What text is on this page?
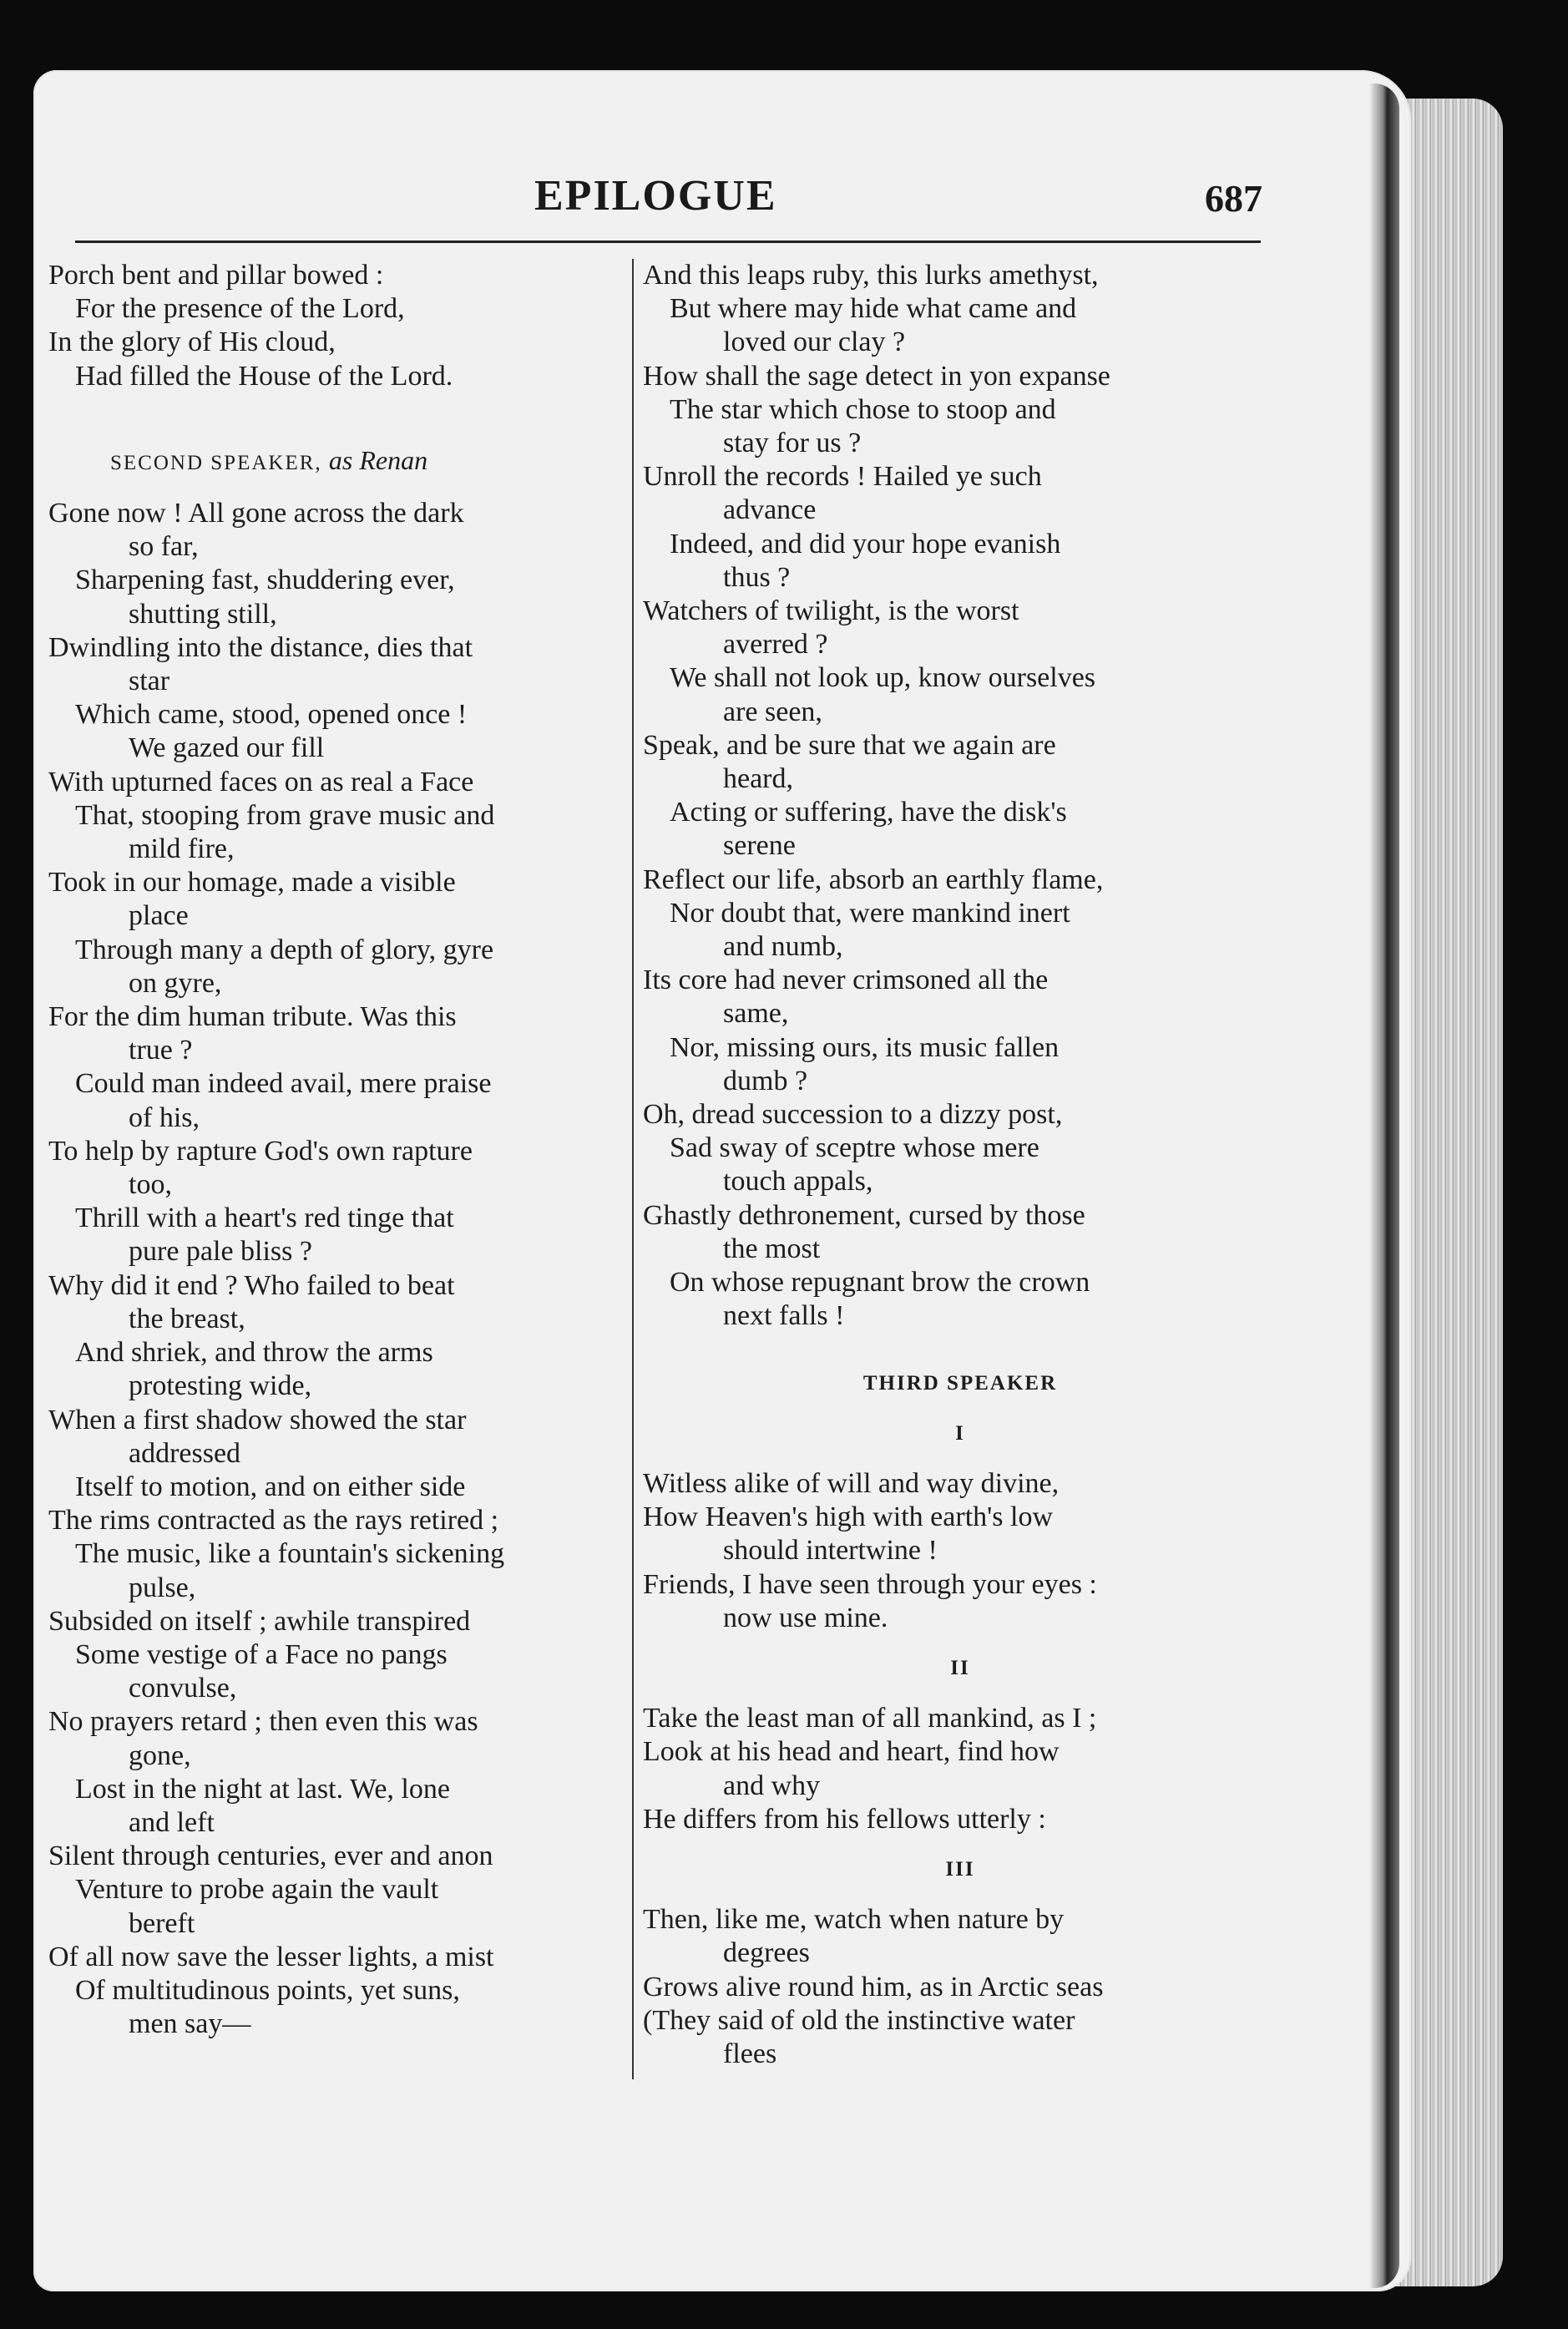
EPILOGUE	687
Porch bent and pillar bowed :
For the presence of the Lord,
In the glory of His cloud,
Had filled the House of the Lord.
SECOND SPEAKER, as Renan
Gone now ! All gone across the dark
so far,
Sharpening fast, shuddering ever,
shutting still,
Dwindling into the distance, dies that
star
Which came, stood, opened once !
We gazed our fill
With upturned faces on as real a Face
That, stooping from grave music and
mild fire,
Took in our homage, made a visible
place
Through many a depth of glory, gyre
on gyre,
For the dim human tribute. Was this
true ?
Could man indeed avail, mere praise
of his,
To help by rapture God's own rapture
too,
Thrill with a heart's red tinge that
pure pale bliss ?
Why did it end ? Who failed to beat
the breast,
And shriek, and throw the arms
protesting wide,
When a first shadow showed the star
addressed
Itself to motion, and on either side
The rims contracted as the rays retired ;
The music, like a fountain's sickening
pulse,
Subsided on itself ; awhile transpired
Some vestige of a Face no pangs
convulse,
No prayers retard ; then even this was
gone,
Lost in the night at last. We, lone
and left
Silent through centuries, ever and anon
Venture to probe again the vault
bereft
Of all now save the lesser lights, a mist
Of multitudinous points, yet suns,
men say—
And this leaps ruby, this lurks amethyst,
But where may hide what came and
loved our clay ?
How shall the sage detect in yon expanse
The star which chose to stoop and
stay for us ?
Unroll the records ! Hailed ye such
advance
Indeed, and did your hope evanish
thus ?
Watchers of twilight, is the worst
averred ?
We shall not look up, know ourselves
are seen,
Speak, and be sure that we again are
heard,
Acting or suffering, have the disk's
serene
Reflect our life, absorb an earthly flame,
Nor doubt that, were mankind inert
and numb,
Its core had never crimsoned all the
same,
Nor, missing ours, its music fallen
dumb ?
Oh, dread succession to a dizzy post,
Sad sway of sceptre whose mere
touch appals,
Ghastly dethronement, cursed by those
the most
On whose repugnant brow the crown
next falls !
THIRD SPEAKER
I
Witless alike of will and way divine,
How Heaven's high with earth's low
should intertwine !
Friends, I have seen through your eyes :
now use mine.
II
Take the least man of all mankind, as I ;
Look at his head and heart, find how
and why
He differs from his fellows utterly :
III
Then, like me, watch when nature by
degrees
Grows alive round him, as in Arctic seas
(They said of old the instinctive water
flees
